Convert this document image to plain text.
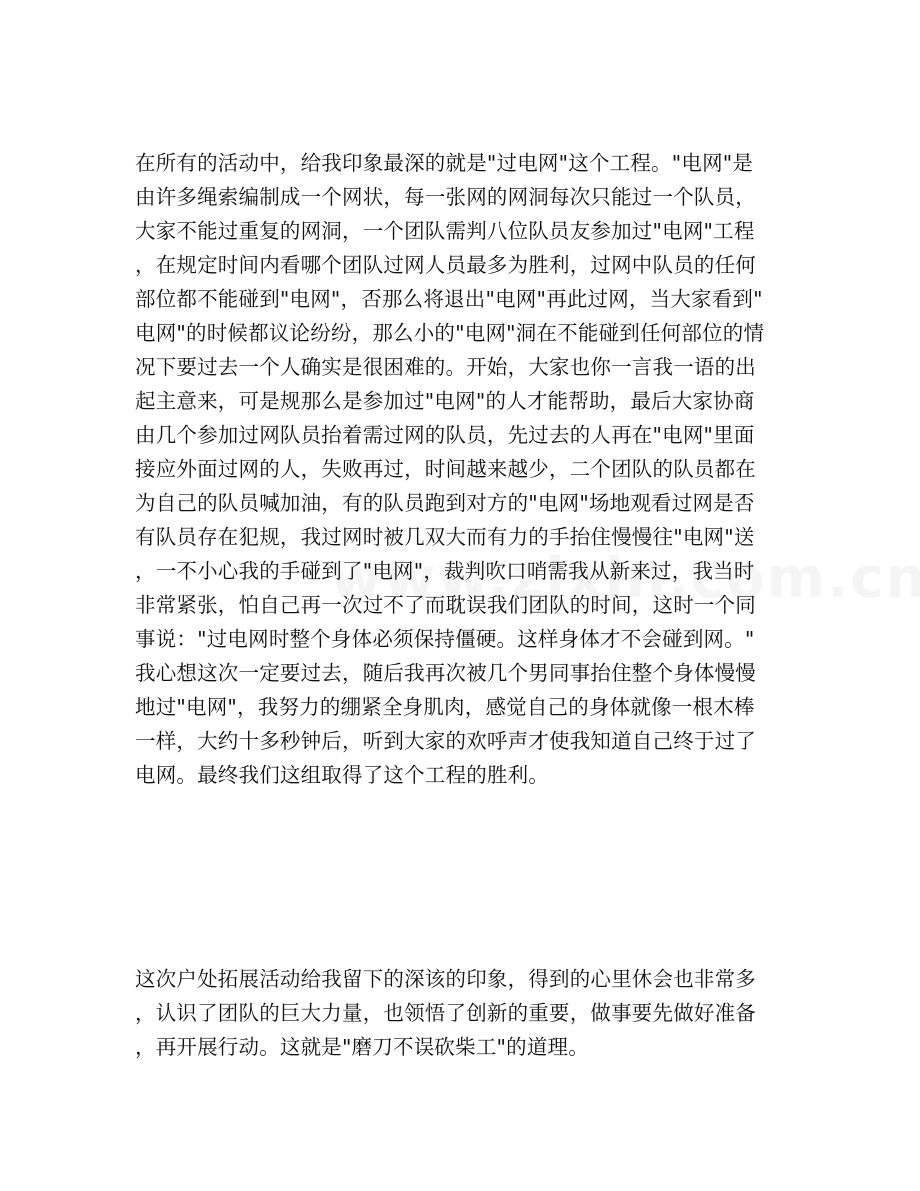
在所有的活动中，给我印象最深的就是"过电网"这个工程。"电网"是
由许多绳索编制成一个网状，每一张网的网洞每次只能过一个队员，
大家不能过重复的网洞，一个团队需判八位队员友参加过"电网"工程
，在规定时间内看哪个团队过网人员最多为胜利，过网中队员的任何
部位都不能碰到"电网"，否那么将退出"电网"再此过网，当大家看到"
电网"的时候都议论纷纷，那么小的"电网"洞在不能碰到任何部位的情
况下要过去一个人确实是很困难的。开始，大家也你一言我一语的出
起主意来，可是规那么是参加过"电网"的人才能帮助，最后大家协商
由几个参加过网队员抬着需过网的队员，先过去的人再在"电网"里面
接应外面过网的人，失败再过，时间越来越少，二个团队的队员都在
为自己的队员喊加油，有的队员跑到对方的"电网"场地观看过网是否
有队员存在犯规，我过网时被几双大而有力的手抬住慢慢往"电网"送
，一不小心我的手碰到了"电网"，裁判吹口哨需我从新来过，我当时
非常紧张，怕自己再一次过不了而耽误我们团队的时间，这时一个同
事说："过电网时整个身体必须保持僵硬。这样身体才不会碰到网。"
我心想这次一定要过去，随后我再次被几个男同事抬住整个身体慢慢
地过"电网"，我努力的绷紧全身肌肉，感觉自己的身体就像一根木棒
一样，大约十多秒钟后，听到大家的欢呼声才使我知道自己终于过了
电网。最终我们这组取得了这个工程的胜利。
这次户处拓展活动给我留下的深该的印象，得到的心里休会也非常多
，认识了团队的巨大力量，也领悟了创新的重要，做事要先做好准备
，再开展行动。这就是"磨刀不误砍柴工"的道理。
